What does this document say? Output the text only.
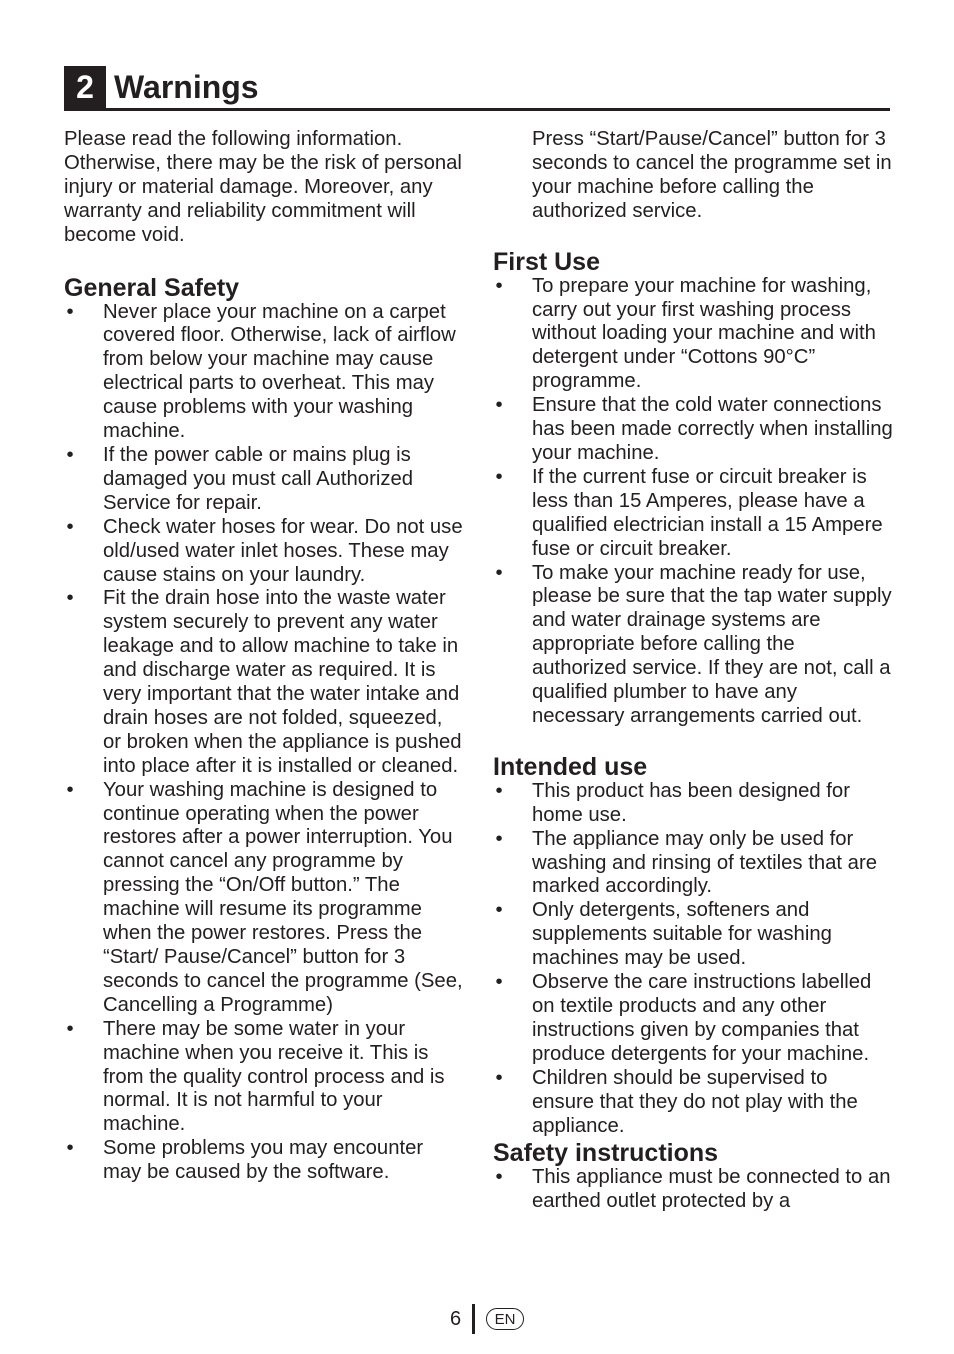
2 Warnings

Please read the following information. Otherwise, there may be the risk of personal injury or material damage. Moreover, any warranty and reliability commitment will become void.

General Safety
• Never place your machine on a carpet covered floor. Otherwise, lack of airflow from below your machine may cause electrical parts to overheat. This may cause problems with your washing machine.
• If the power cable or mains plug is damaged you must call Authorized Service for repair.
• Check water hoses for wear. Do not use old/used water inlet hoses. These may cause stains on your laundry.
• Fit the drain hose into the waste water system securely to prevent any water leakage and to allow machine to take in and discharge water as required. It is very important that the water intake and drain hoses are not folded, squeezed, or broken when the appliance is pushed into place after it is installed or cleaned.
• Your washing machine is designed to continue operating when the power restores after a power interruption. You cannot cancel any programme by pressing the “On/Off button.” The machine will resume its programme when the power restores. Press the “Start/ Pause/Cancel” button for 3 seconds to cancel the programme (See, Cancelling a Programme)
• There may be some water in your machine when you receive it. This is from the quality control process and is normal. It is not harmful to your machine.
• Some problems you may encounter may be caused by the software.

Press “Start/Pause/Cancel” button for 3 seconds to cancel the programme set in your machine before calling the authorized service.

First Use
• To prepare your machine for washing, carry out your first washing process without loading your machine and with detergent under “Cottons 90°C” programme.
• Ensure that the cold water connections has been made correctly when installing your machine.
• If the current fuse or circuit breaker is less than 15 Amperes, please have a qualified electrician install a 15 Ampere fuse or circuit breaker.
• To make your machine ready for use, please be sure that the tap water supply and water drainage systems are appropriate before calling the authorized service. If they are not, call a qualified plumber to have any necessary arrangements carried out.
Intended use
• This product has been designed for home use.
• The appliance may only be used for washing and rinsing of textiles that are marked accordingly.
• Only detergents, softeners and supplements suitable for washing machines may be used.
• Observe the care instructions labelled on textile products and any other instructions given by companies that produce detergents for your machine.
• Children should be supervised to ensure that they do not play with the appliance.
Safety instructions
• This appliance must be connected to an earthed outlet protected by a
6	EN
